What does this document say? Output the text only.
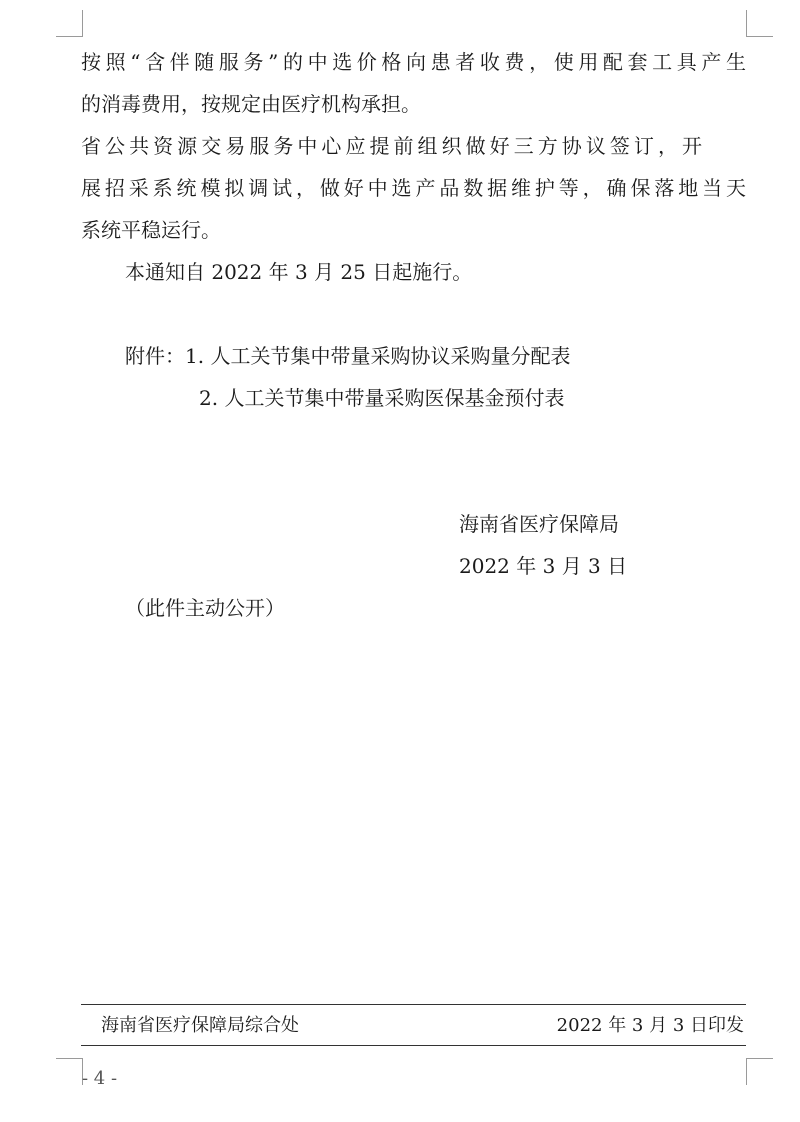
按照“含伴随服务”的中选价格向患者收费，使用配套工具产生
的消毒费用，按规定由医疗机构承担。
省公共资源交易服务中心应提前组织做好三方协议签订，开
展招采系统模拟调试，做好中选产品数据维护等，确保落地当天
系统平稳运行。
本通知自 2022 年 3 月 25 日起施行。
附件：1. 人工关节集中带量采购协议采购量分配表
2. 人工关节集中带量采购医保基金预付表
海南省医疗保障局
2022 年 3 月 3 日
（此件主动公开）
海南省医疗保障局综合处	2022 年 3 月 3 日印发
- 4 -
